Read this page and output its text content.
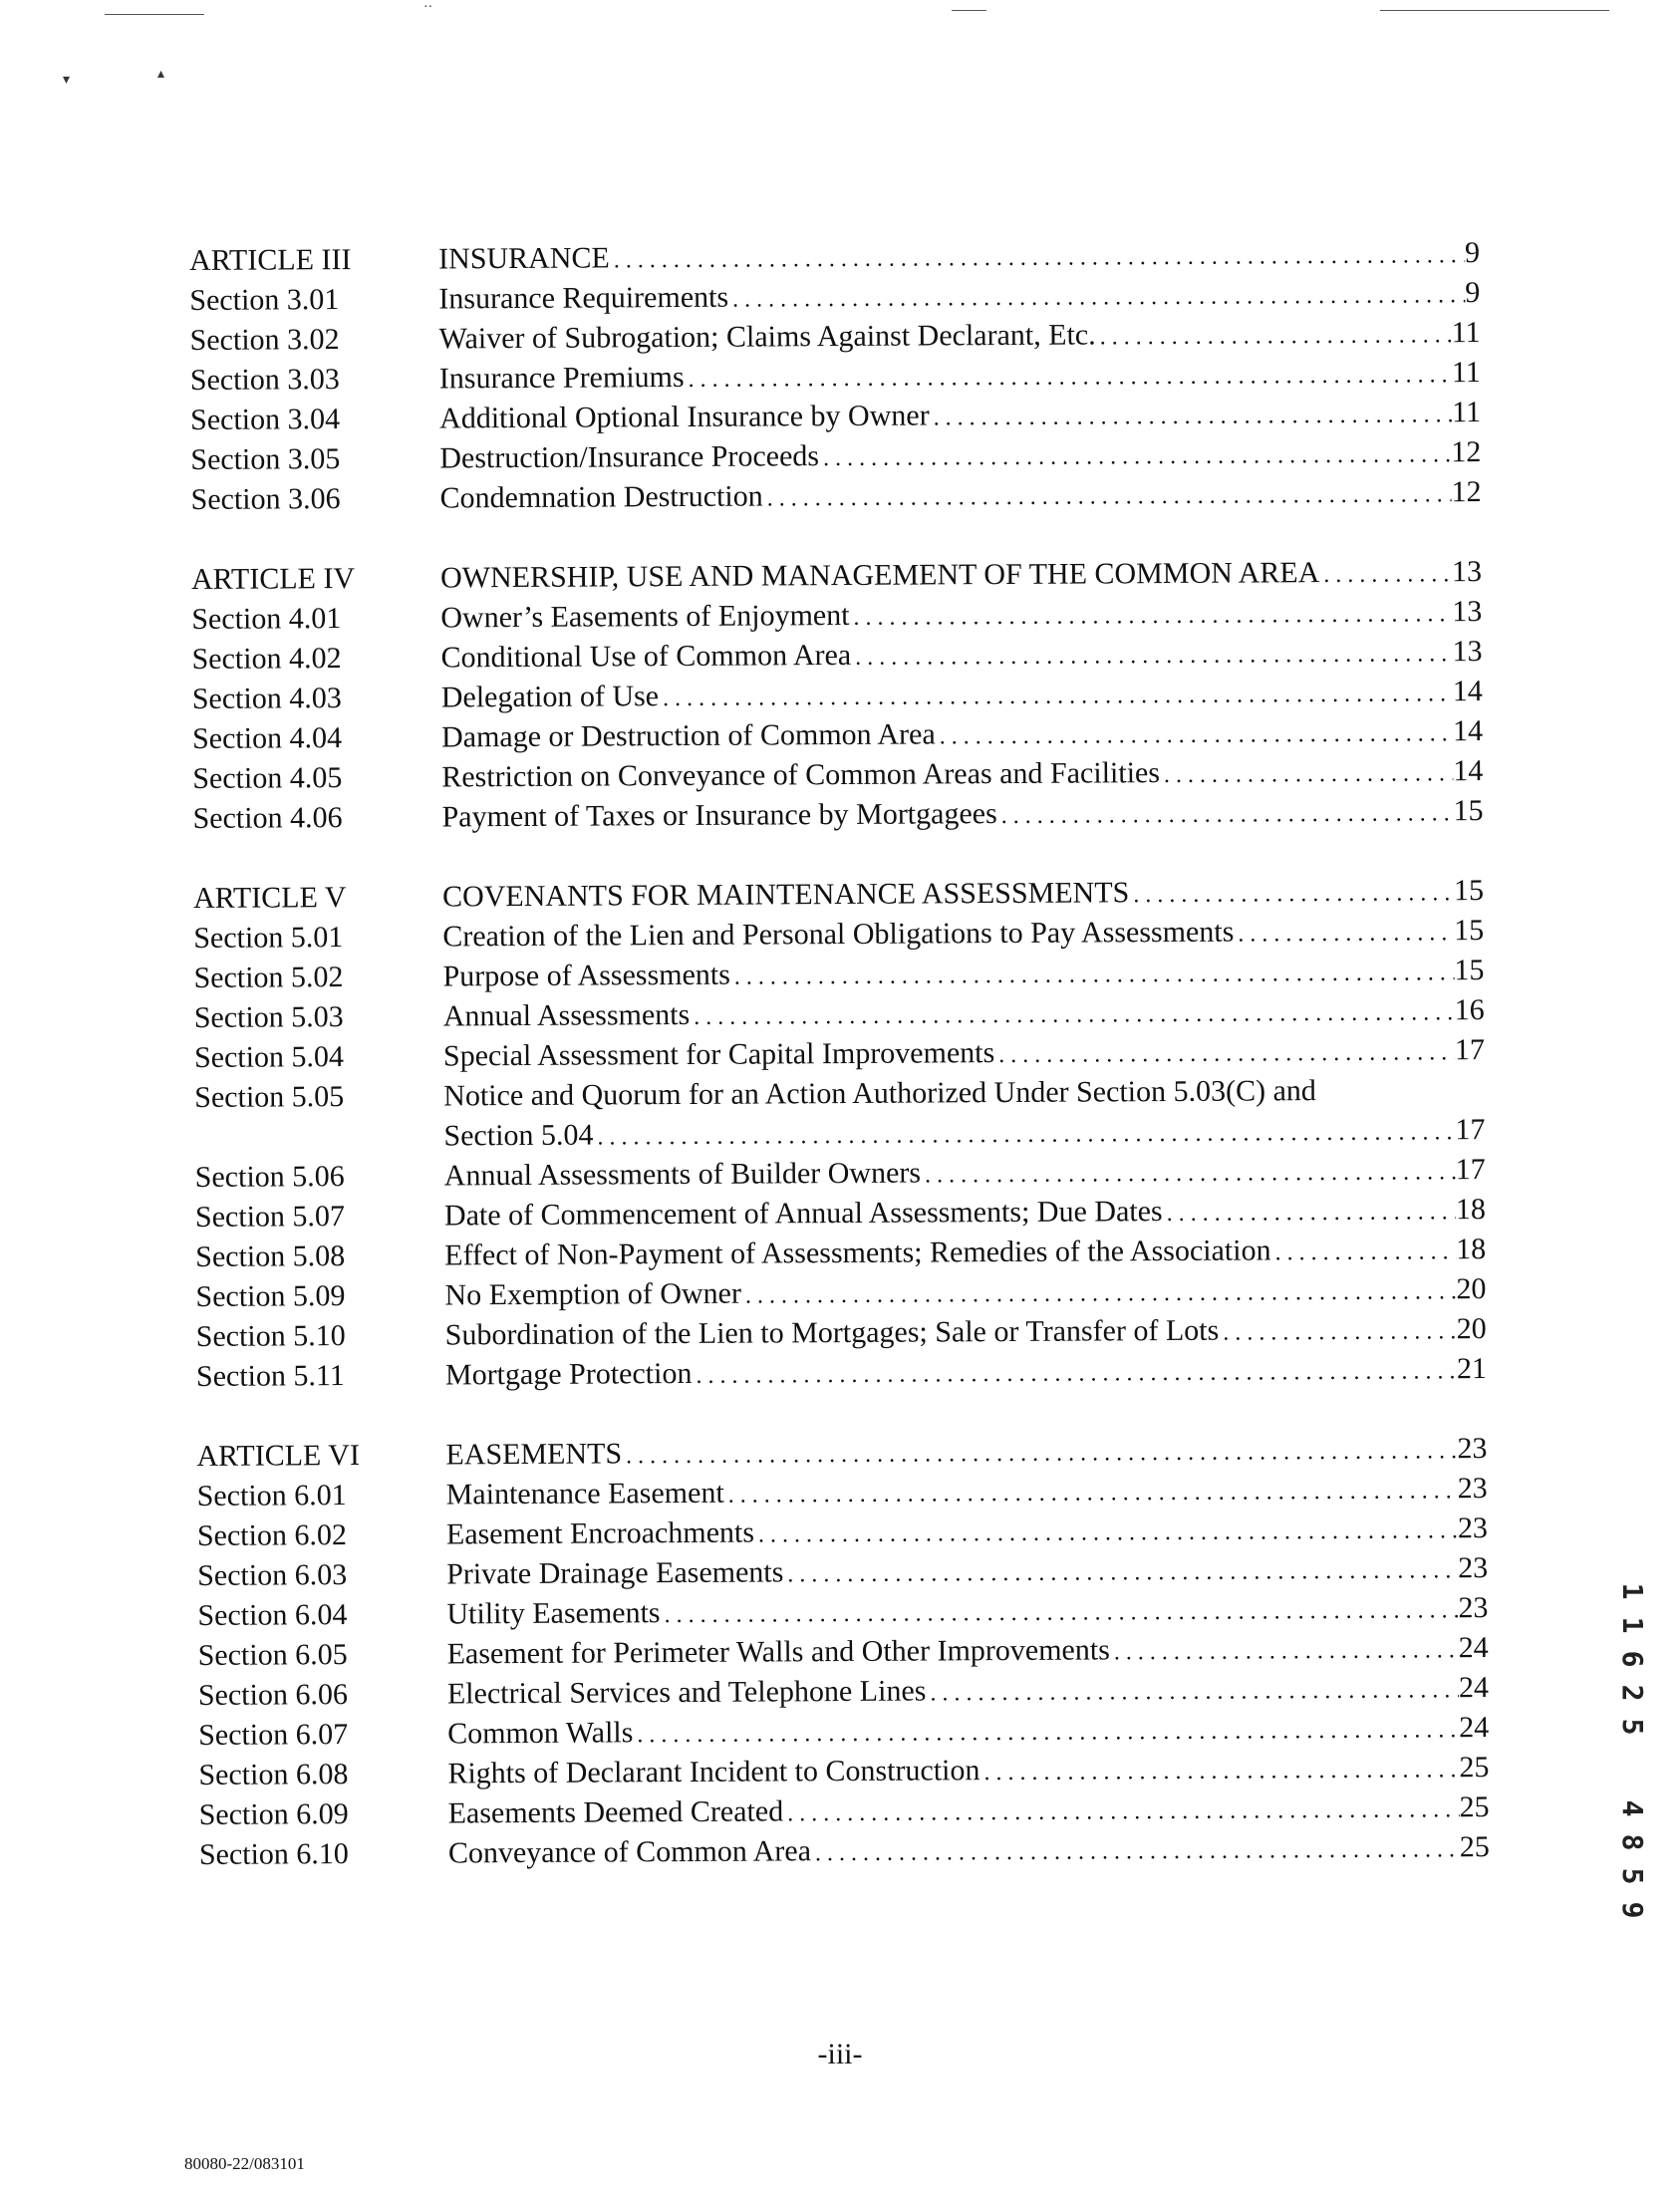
··
▾	▴
ARTICLE III	INSURANCE . . .	9
Section 3.01	Insurance Requirements . . .	9
Section 3.02	Waiver of Subrogation; Claims Against Declarant, Etc. . . .	11
Section 3.03	Insurance Premiums . . .	11
Section 3.04	Additional Optional Insurance by Owner . . .	11
Section 3.05	Destruction/Insurance Proceeds . . .	12
Section 3.06	Condemnation Destruction . . .	12
ARTICLE IV	OWNERSHIP, USE AND MANAGEMENT OF THE COMMON AREA . . .	13
Section 4.01	Owner’s Easements of Enjoyment . . .	13
Section 4.02	Conditional Use of Common Area . . .	13
Section 4.03	Delegation of Use . . .	14
Section 4.04	Damage or Destruction of Common Area . . .	14
Section 4.05	Restriction on Conveyance of Common Areas and Facilities . . .	14
Section 4.06	Payment of Taxes or Insurance by Mortgagees . . .	15
ARTICLE V	COVENANTS FOR MAINTENANCE ASSESSMENTS . . .	15
Section 5.01	Creation of the Lien and Personal Obligations to Pay Assessments . . .	15
Section 5.02	Purpose of Assessments . . .	15
Section 5.03	Annual Assessments . . .	16
Section 5.04	Special Assessment for Capital Improvements . . .	17
Section 5.05	Notice and Quorum for an Action Authorized Under Section 5.03(C) and
Section 5.04 . . .	17
Section 5.06	Annual Assessments of Builder Owners . . .	17
Section 5.07	Date of Commencement of Annual Assessments; Due Dates . . .	18
Section 5.08	Effect of Non-Payment of Assessments; Remedies of the Association . . .	18
Section 5.09	No Exemption of Owner . . .	20
Section 5.10	Subordination of the Lien to Mortgages; Sale or Transfer of Lots . . .	20
Section 5.11	Mortgage Protection . . .	21
ARTICLE VI	EASEMENTS . . .	23
Section 6.01	Maintenance Easement . . .	23
Section 6.02	Easement Encroachments . . .	23
Section 6.03	Private Drainage Easements . . .	23
Section 6.04	Utility Easements . . .	23
Section 6.05	Easement for Perimeter Walls and Other Improvements . . .	24
Section 6.06	Electrical Services and Telephone Lines . . .	24
Section 6.07	Common Walls . . .	24
Section 6.08	Rights of Declarant Incident to Construction . . .	25
Section 6.09	Easements Deemed Created . . .	25
Section 6.10	Conveyance of Common Area . . .	25
-iii-
80080-22/083101
1
1
6
2
5
4
8
5
9
